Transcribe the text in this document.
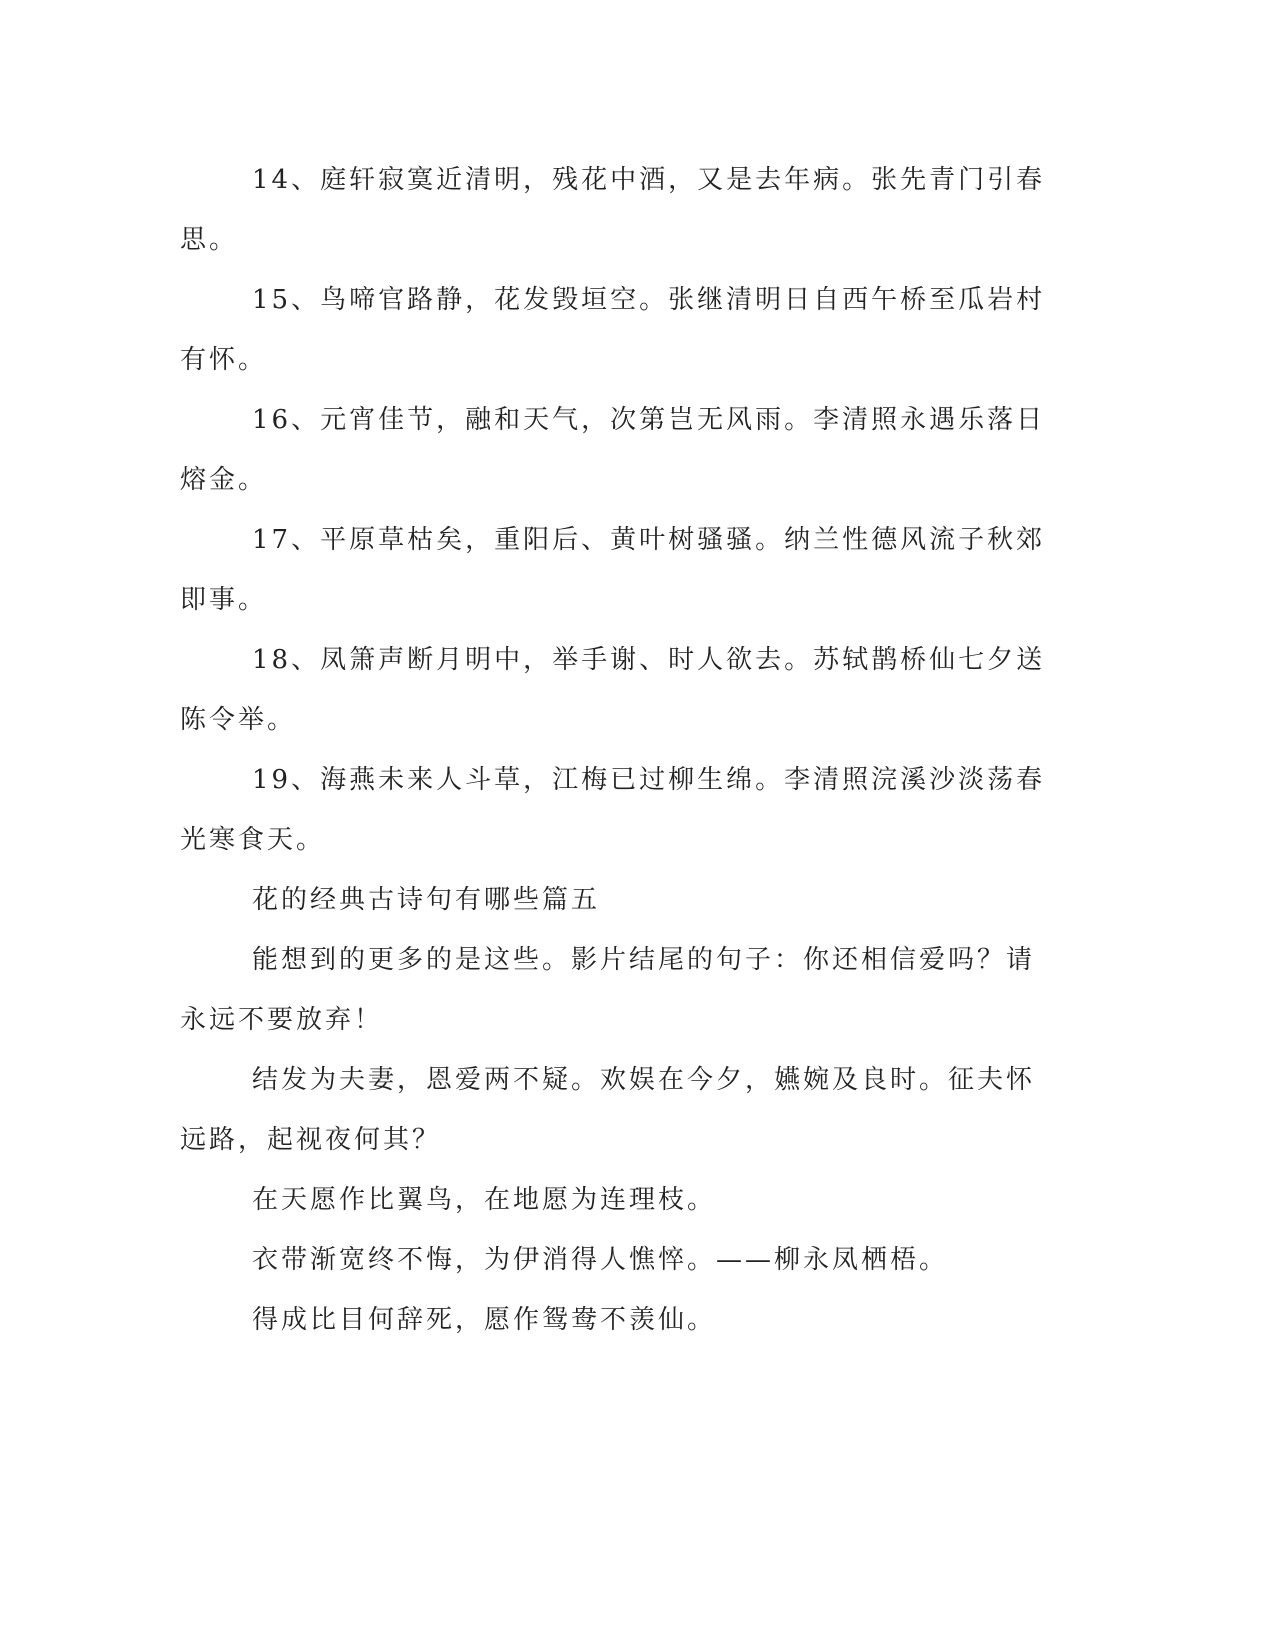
14、庭轩寂寞近清明，残花中酒，又是去年病。张先青门引春思。

15、鸟啼官路静，花发毁垣空。张继清明日自西午桥至瓜岩村有怀。

16、元宵佳节，融和天气，次第岂无风雨。李清照永遇乐落日熔金。

17、平原草枯矣，重阳后、黄叶树骚骚。纳兰性德风流子秋郊即事。

18、凤箫声断月明中，举手谢、时人欲去。苏轼鹊桥仙七夕送陈令举。

19、海燕未来人斗草，江梅已过柳生绵。李清照浣溪沙淡荡春光寒食天。

花的经典古诗句有哪些篇五

能想到的更多的是这些。影片结尾的句子：你还相信爱吗？请永远不要放弃！

结发为夫妻，恩爱两不疑。欢娱在今夕，嬿婉及良时。征夫怀远路，起视夜何其？

在天愿作比翼鸟，在地愿为连理枝。

衣带渐宽终不悔，为伊消得人憔悴。——柳永凤栖梧。

得成比目何辞死，愿作鸳鸯不羡仙。
